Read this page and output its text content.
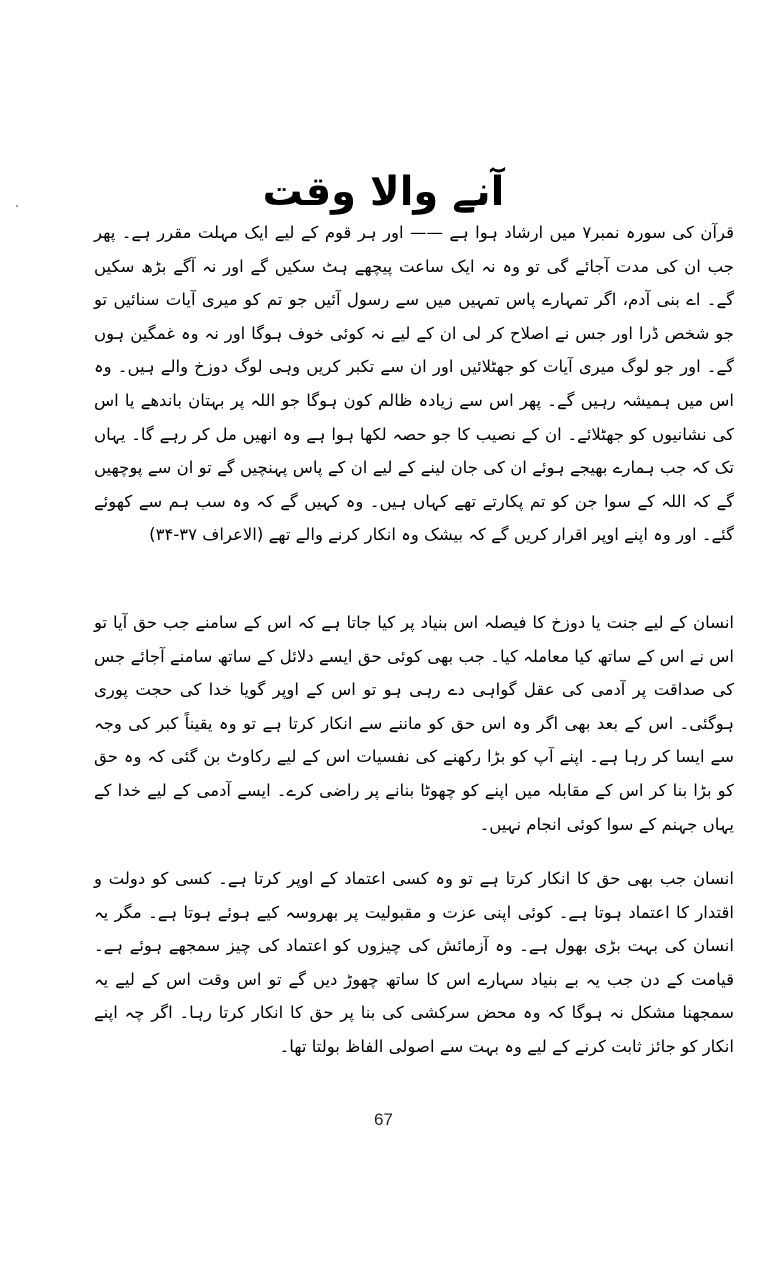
آنے والا وقت

قرآن کی سورہ نمبر۷ میں ارشاد ہوا ہے —— اور ہر قوم کے لیے ایک مہلت مقرر ہے۔ پھر جب ان کی مدت آجائے گی تو وہ نہ ایک ساعت پیچھے ہٹ سکیں گے اور نہ آگے بڑھ سکیں گے۔ اے بنی آدم، اگر تمہارے پاس تمہیں میں سے رسول آئیں جو تم کو میری آیات سنائیں تو جو شخص ڈرا اور جس نے اصلاح کر لی ان کے لیے نہ کوئی خوف ہوگا اور نہ وہ غمگین ہوں گے۔ اور جو لوگ میری آیات کو جھٹلائیں اور ان سے تکبر کریں وہی لوگ دوزخ والے ہیں۔ وہ اس میں ہمیشہ رہیں گے۔ پھر اس سے زیادہ ظالم کون ہوگا جو اللہ پر بہتان باندھے یا اس کی نشانیوں کو جھٹلائے۔ ان کے نصیب کا جو حصہ لکھا ہوا ہے وہ انھیں مل کر رہے گا۔ یہاں تک کہ جب ہمارے بھیجے ہوئے ان کی جان لینے کے لیے ان کے پاس پہنچیں گے تو ان سے پوچھیں گے کہ اللہ کے سوا جن کو تم پکارتے تھے کہاں ہیں۔ وہ کہیں گے کہ وہ سب ہم سے کھوئے گئے۔ اور وہ اپنے اوپر اقرار کریں گے کہ بیشک وہ انکار کرنے والے تھے (الاعراف ۳۷-۳۴)

انسان کے لیے جنت یا دوزخ کا فیصلہ اس بنیاد پر کیا جاتا ہے کہ اس کے سامنے جب حق آیا تو اس نے اس کے ساتھ کیا معاملہ کیا۔ جب بھی کوئی حق ایسے دلائل کے ساتھ سامنے آجائے جس کی صداقت پر آدمی کی عقل گواہی دے رہی ہو تو اس کے اوپر گویا خدا کی حجت پوری ہوگئی۔ اس کے بعد بھی اگر وہ اس حق کو ماننے سے انکار کرتا ہے تو وہ یقیناً کبر کی وجہ سے ایسا کر رہا ہے۔ اپنے آپ کو بڑا رکھنے کی نفسیات اس کے لیے رکاوٹ بن گئی کہ وہ حق کو بڑا بنا کر اس کے مقابلہ میں اپنے کو چھوٹا بنانے پر راضی کرے۔ ایسے آدمی کے لیے خدا کے یہاں جہنم کے سوا کوئی انجام نہیں۔

انسان جب بھی حق کا انکار کرتا ہے تو وہ کسی اعتماد کے اوپر کرتا ہے۔ کسی کو دولت و اقتدار کا اعتماد ہوتا ہے۔ کوئی اپنی عزت و مقبولیت پر بھروسہ کیے ہوئے ہوتا ہے۔ مگر یہ انسان کی بہت بڑی بھول ہے۔ وہ آزمائش کی چیزوں کو اعتماد کی چیز سمجھے ہوئے ہے۔ قیامت کے دن جب یہ بے بنیاد سہارے اس کا ساتھ چھوڑ دیں گے تو اس وقت اس کے لیے یہ سمجھنا مشکل نہ ہوگا کہ وہ محض سرکشی کی بنا پر حق کا انکار کرتا رہا۔ اگر چہ اپنے انکار کو جائز ثابت کرنے کے لیے وہ بہت سے اصولی الفاظ بولتا تھا۔

67
